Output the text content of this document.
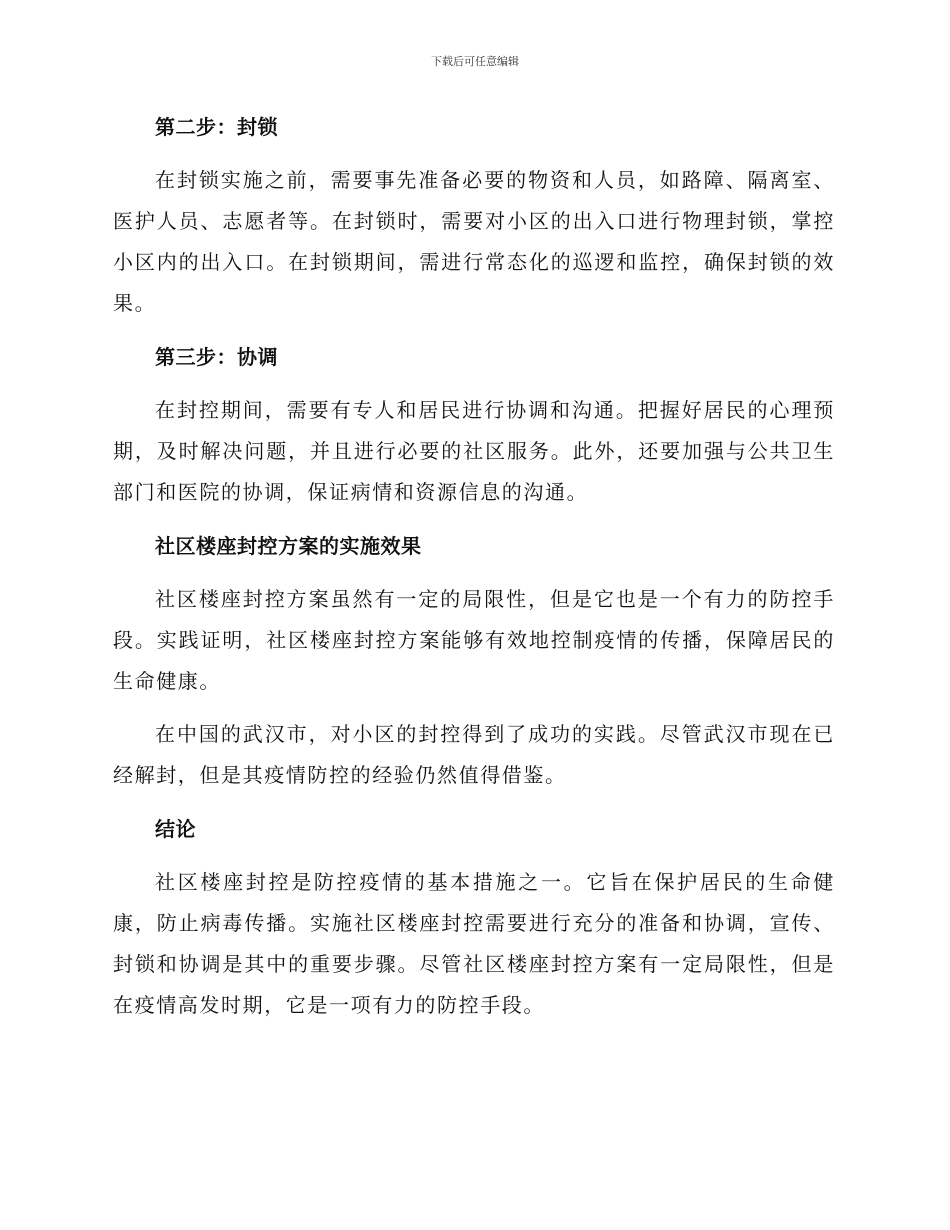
下载后可任意编辑
第二步：封锁

在封锁实施之前，需要事先准备必要的物资和人员，如路障、隔离室、医护人员、志愿者等。在封锁时，需要对小区的出入口进行物理封锁，掌控小区内的出入口。在封锁期间，需进行常态化的巡逻和监控，确保封锁的效果。

第三步：协调

在封控期间，需要有专人和居民进行协调和沟通。把握好居民的心理预期，及时解决问题，并且进行必要的社区服务。此外，还要加强与公共卫生部门和医院的协调，保证病情和资源信息的沟通。

社区楼座封控方案的实施效果

社区楼座封控方案虽然有一定的局限性，但是它也是一个有力的防控手段。实践证明，社区楼座封控方案能够有效地控制疫情的传播，保障居民的生命健康。

在中国的武汉市，对小区的封控得到了成功的实践。尽管武汉市现在已经解封，但是其疫情防控的经验仍然值得借鉴。

结论

社区楼座封控是防控疫情的基本措施之一。它旨在保护居民的生命健康，防止病毒传播。实施社区楼座封控需要进行充分的准备和协调，宣传、封锁和协调是其中的重要步骤。尽管社区楼座封控方案有一定局限性，但是在疫情高发时期，它是一项有力的防控手段。
